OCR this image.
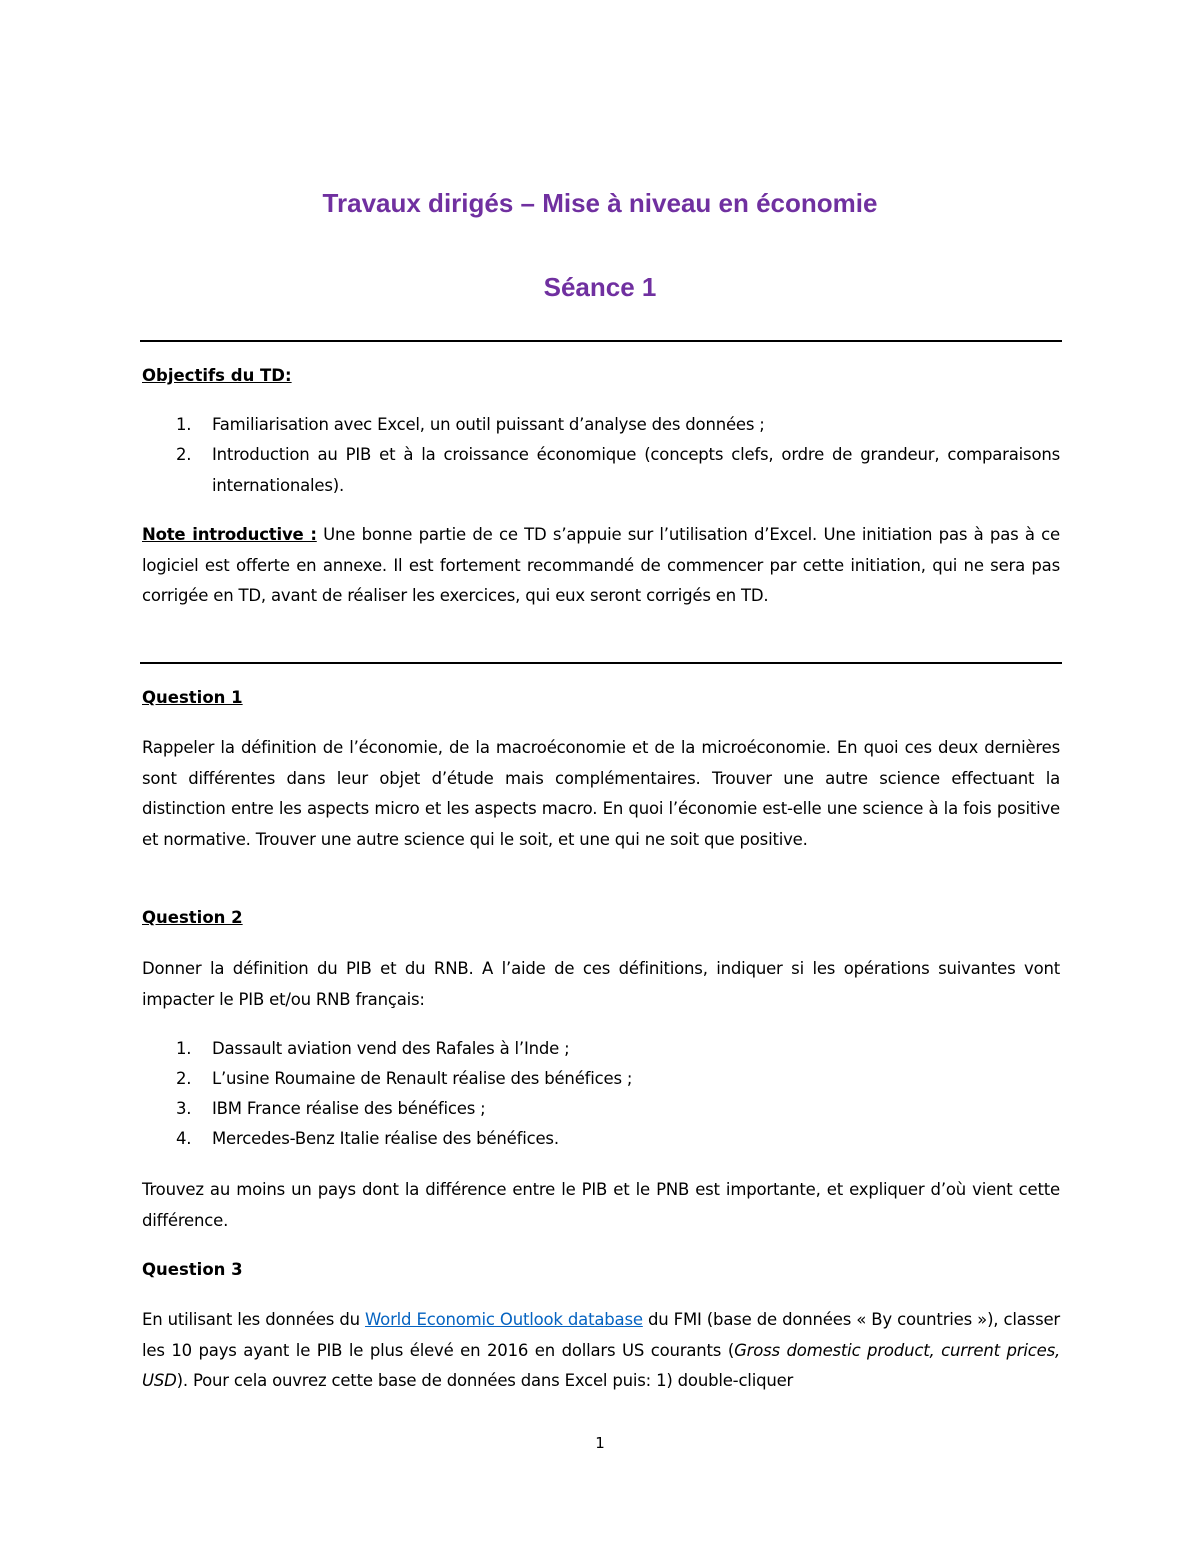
Travaux dirigés – Mise à niveau en économie
Séance 1
Objectifs du TD:
1.	Familiarisation avec Excel, un outil puissant d’analyse des données ;
2.	Introduction au PIB et à la croissance économique (concepts clefs, ordre de grandeur, comparaisons internationales).
Note introductive : Une bonne partie de ce TD s’appuie sur l’utilisation d’Excel. Une initiation pas à pas à ce logiciel est offerte en annexe. Il est fortement recommandé de commencer par cette initiation, qui ne sera pas corrigée en TD, avant de réaliser les exercices, qui eux seront corrigés en TD.
Question 1
Rappeler la définition de l’économie, de la macroéconomie et de la microéconomie. En quoi ces deux dernières sont différentes dans leur objet d’étude mais complémentaires. Trouver une autre science effectuant la distinction entre les aspects micro et les aspects macro. En quoi l’économie est-elle une science à la fois positive et normative. Trouver une autre science qui le soit, et une qui ne soit que positive.
Question 2
Donner la définition du PIB et du RNB. A l’aide de ces définitions, indiquer si les opérations suivantes vont impacter le PIB et/ou RNB français:
1.	Dassault aviation vend des Rafales à l’Inde ;
2.	L’usine Roumaine de Renault réalise des bénéfices ;
3.	IBM France réalise des bénéfices ;
4.	Mercedes-Benz Italie réalise des bénéfices.
Trouvez au moins un pays dont la différence entre le PIB et le PNB est importante, et expliquer d’où vient cette différence.
Question 3
En utilisant les données du World Economic Outlook database du FMI (base de données « By countries »), classer les 10 pays ayant le PIB le plus élevé en 2016 en dollars US courants (Gross domestic product, current prices, USD). Pour cela ouvrez cette base de données dans Excel puis: 1) double-cliquer
1
